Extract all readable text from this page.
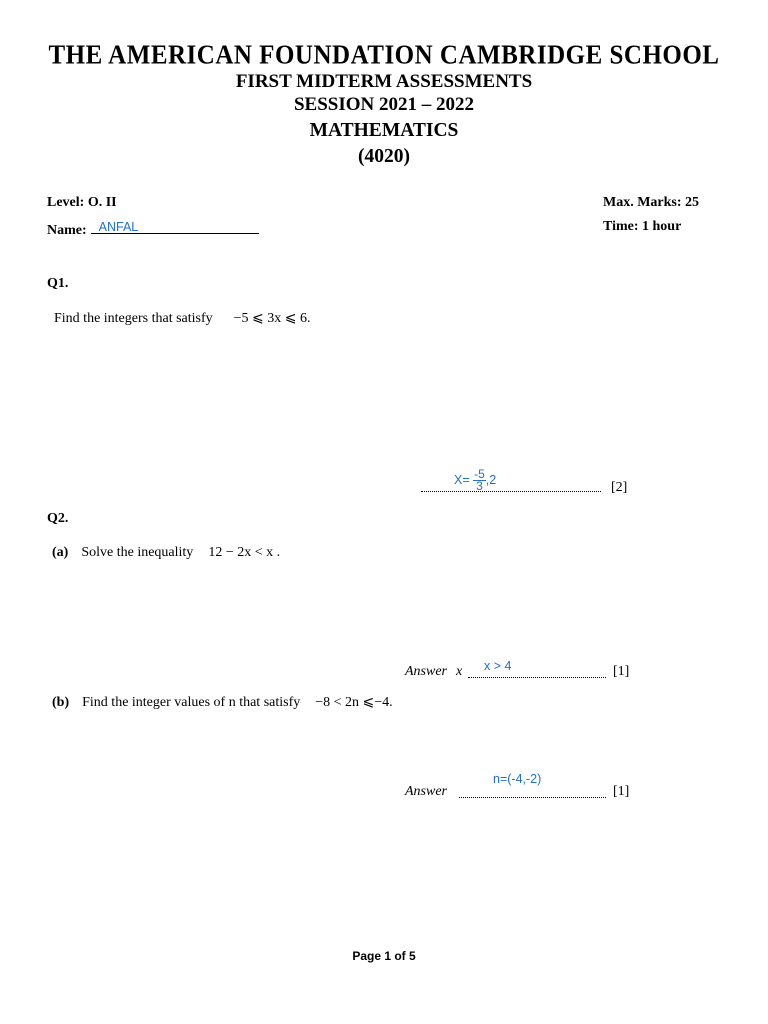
THE AMERICAN FOUNDATION CAMBRIDGE SCHOOL
FIRST MIDTERM ASSESSMENTS
SESSION 2021 – 2022
MATHEMATICS
(4020)
Level: O. II	Max. Marks: 25
Name: ANFAL	Time: 1 hour
Q1.
Find the integers that satisfy −5 ⩽ 3x ⩽ 6.
$X= \frac{-5}{3} ,2$
[2]
Q2.
(a) Solve the inequality 12 − 2x < x .
Answer x x > 4	[1]
(b) Find the integer values of n that satisfy −8 < 2n ⩽−4.
n=(-4,-2)
Answer	[1]
Page 1 of 5
